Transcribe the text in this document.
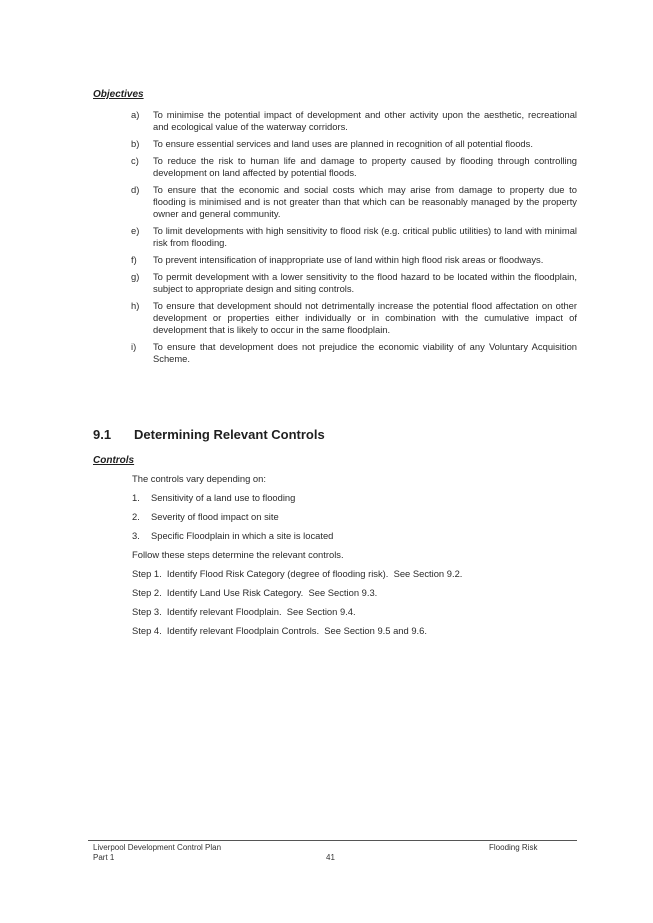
Objectives
a)	To minimise the potential impact of development and other activity upon the aesthetic, recreational and ecological value of the waterway corridors.
b)	To ensure essential services and land uses are planned in recognition of all potential floods.
c)	To reduce the risk to human life and damage to property caused by flooding through controlling development on land affected by potential floods.
d)	To ensure that the economic and social costs which may arise from damage to property due to flooding is minimised and is not greater than that which can be reasonably managed by the property owner and general community.
e)	To limit developments with high sensitivity to flood risk (e.g. critical public utilities) to land with minimal risk from flooding.
f)	To prevent intensification of inappropriate use of land within high flood risk areas or floodways.
g)	To permit development with a lower sensitivity to the flood hazard to be located within the floodplain, subject to appropriate design and siting controls.
h)	To ensure that development should not detrimentally increase the potential flood affectation on other development or properties either individually or in combination with the cumulative impact of development that is likely to occur in the same floodplain.
i)	To ensure that development does not prejudice the economic viability of any Voluntary Acquisition Scheme.
9.1	Determining Relevant Controls
Controls
The controls vary depending on:
1.	Sensitivity of a land use to flooding
2.	Severity of flood impact on site
3.	Specific Floodplain in which a site is located
Follow these steps determine the relevant controls.
Step 1.  Identify Flood Risk Category (degree of flooding risk).  See Section 9.2.
Step 2.  Identify Land Use Risk Category.  See Section 9.3.
Step 3.  Identify relevant Floodplain.  See Section 9.4.
Step 4.  Identify relevant Floodplain Controls.  See Section 9.5 and 9.6.
Liverpool Development Control Plan
Part 1	41
Flooding Risk
